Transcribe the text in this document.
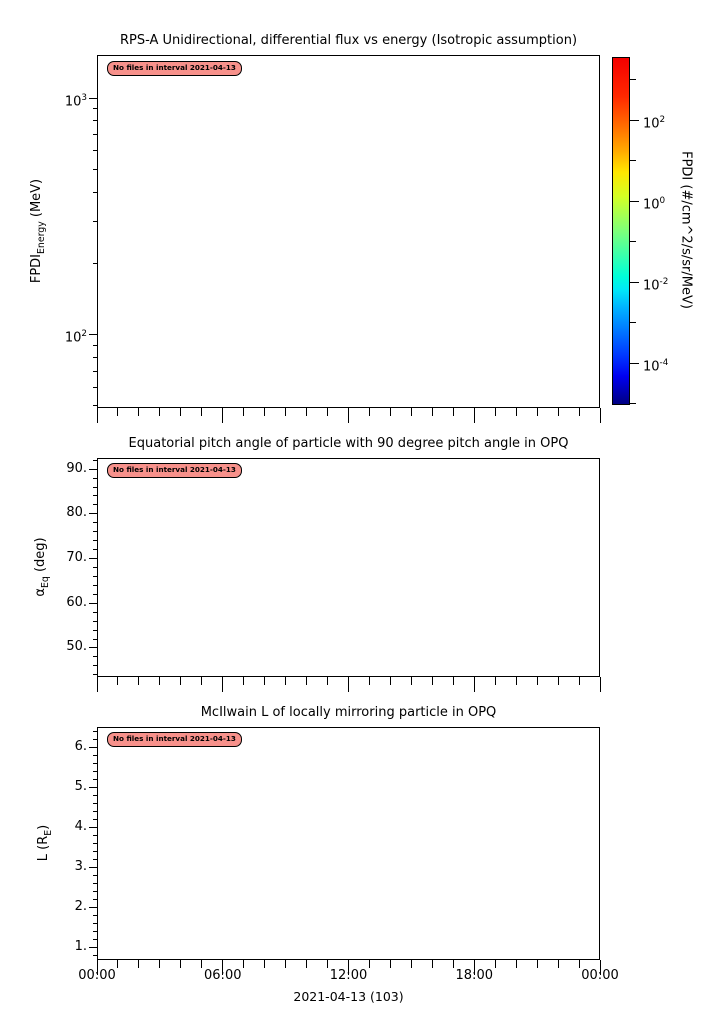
RPS-A Unidirectional, differential flux vs energy (Isotropic assumption)
$FPDI_{Energy}$ (MeV)
No files in interval 2021-04-13
FPDI (#/cm^2/s/sr/MeV)
Equatorial pitch angle of particle with 90 degree pitch angle in OPQ
$\alpha_{Eq}$ (deg)
No files in interval 2021-04-13
McIlwain L of locally mirroring particle in OPQ
L $(R_E)$
No files in interval 2021-04-13
2021-04-13 (103)
$10^2$
$10^3$
90.
80.
70.
60.
50.
6.
5.
4.
3.
2.
1.
00:00	06:00	12:00	18:00	00:00
$10^2$
$10^0$
$10^{-2}$
$10^{-4}$
